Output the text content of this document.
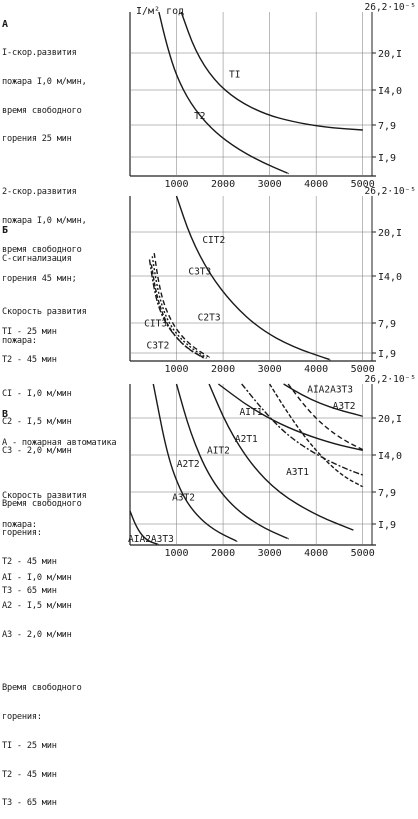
А

I-скор.развития

пожара I,0 м/мин,

время свободного

горения 25 мин

2-скор.развития

пожара I,0 м/мин,

время свободного

горения 45 мин;

TI - 25 мин

T2 - 45 мин

Б

С-сигнализация

Скорость развития

пожара:

CI - I,0 м/мин

C2 - I,5 м/мин

C3 - 2,0 м/мин

Время свободного

горения:

T2 - 45 мин

T3 - 65 мин

В

А - пожарная автоматика

Скорость развития

пожара:

AI - I,0 м/мин

A2 - I,5 м/мин

A3 - 2,0 м/мин

Время свободного

горения:

TI - 25 мин

T2 - 45 мин

T3 - 65 мин

1000 2000 3000 4000 5000
20,I
I4,0
7,9
I,9
26,2·10⁻⁵
I/м² год
TI
T2
1000 2000 3000 4000 5000
20,I
I4,0
7,9
I,9
26,2·10⁻⁵
CIT2
C3T3
C2T3
CIT3
C3T2
1000 2000 3000 4000 5000
20,I
I4,0
7,9
I,9
26,2·10⁻⁵
AIA2A3T3
A3T2
A2T2
AIT2
AIT1
A2T1
A3T1
AIA2A3T3
A3T2
